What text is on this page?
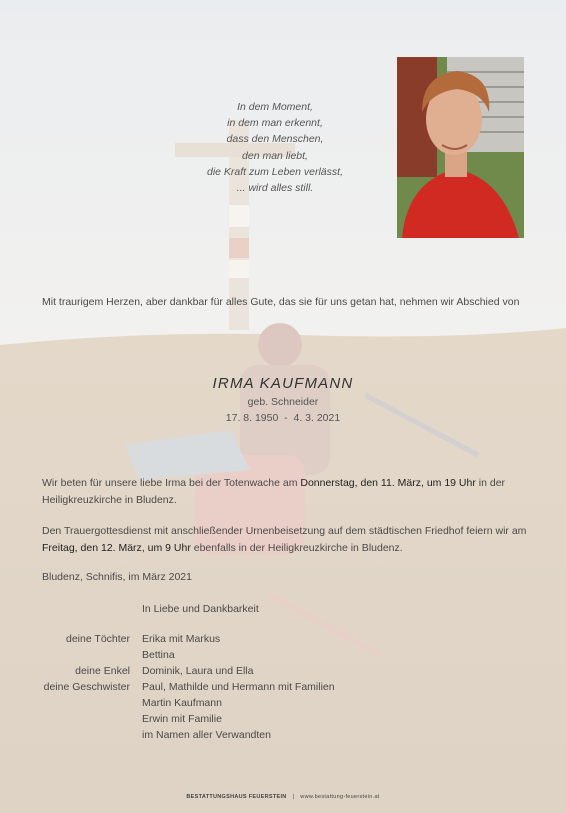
In dem Moment,
in dem man erkennt,
dass den Menschen,
den man liebt,
die Kraft zum Leben verlässt,
... wird alles still.
Mit traurigem Herzen, aber dankbar für alles Gute, das sie für uns getan hat, nehmen wir Abschied von
IRMA KAUFMANN
geb. Schneider
17. 8. 1950  -  4. 3. 2021
Wir beten für unsere liebe Irma bei der Totenwache am Donnerstag, den 11. März, um 19 Uhr in der Heiligkreuzkirche in Bludenz.
Den Trauergottesdienst mit anschließender Urnenbeisetzung auf dem städtischen Friedhof feiern wir am Freitag, den 12. März, um 9 Uhr ebenfalls in der Heiligkreuzkirche in Bludenz.
Bludenz, Schnifis, im März 2021
In Liebe und Dankbarkeit
deine Töchter Erika mit Markus
Bettina
deine Enkel Dominik, Laura und Ella
deine Geschwister Paul, Mathilde und Hermann mit Familien
Martin Kaufmann
Erwin mit Familie
im Namen aller Verwandten
BESTATTUNGSHAUS FEUERSTEIN | www.bestattung-feuerstein.at
